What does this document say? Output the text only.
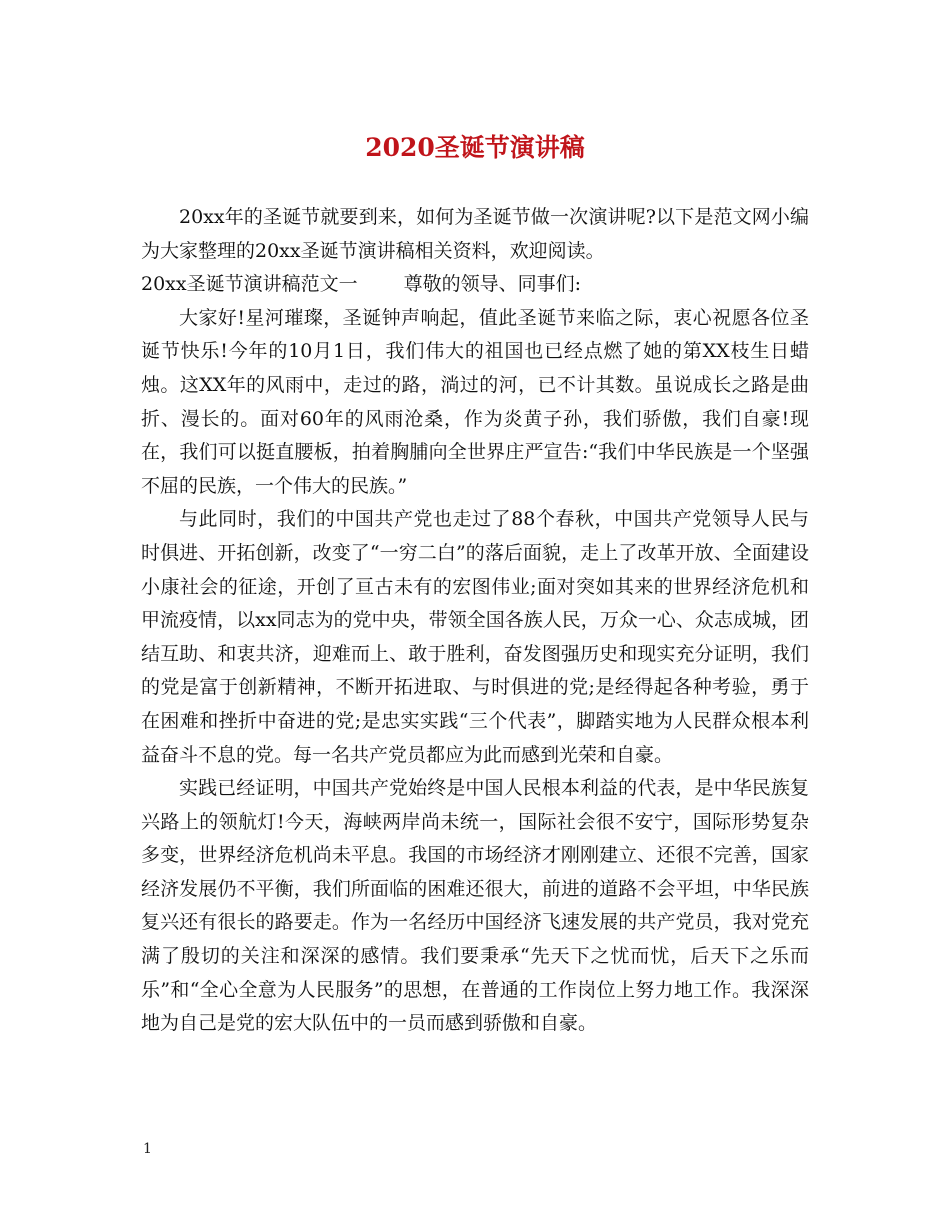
2020圣诞节演讲稿

20xx年的圣诞节就要到来，如何为圣诞节做一次演讲呢?以下是范文网小编为大家整理的20xx圣诞节演讲稿相关资料，欢迎阅读。

20xx圣诞节演讲稿范文一 尊敬的领导、同事们:

大家好!星河璀璨，圣诞钟声响起，值此圣诞节来临之际，衷心祝愿各位圣诞节快乐!今年的10月1日，我们伟大的祖国也已经点燃了她的第XX枝生日蜡烛。这XX年的风雨中，走过的路，淌过的河，已不计其数。虽说成长之路是曲折、漫长的。面对60年的风雨沧桑，作为炎黄子孙，我们骄傲，我们自豪!现在，我们可以挺直腰板，拍着胸脯向全世界庄严宣告:“我们中华民族是一个坚强不屈的民族，一个伟大的民族。”

与此同时，我们的中国共产党也走过了88个春秋，中国共产党领导人民与时俱进、开拓创新，改变了“一穷二白”的落后面貌，走上了改革开放、全面建设小康社会的征途，开创了亘古未有的宏图伟业;面对突如其来的世界经济危机和甲流疫情，以xx同志为的党中央，带领全国各族人民，万众一心、众志成城，团结互助、和衷共济，迎难而上、敢于胜利，奋发图强历史和现实充分证明，我们的党是富于创新精神，不断开拓进取、与时俱进的党;是经得起各种考验，勇于在困难和挫折中奋进的党;是忠实实践“三个代表”，脚踏实地为人民群众根本利益奋斗不息的党。每一名共产党员都应为此而感到光荣和自豪。

实践已经证明，中国共产党始终是中国人民根本利益的代表，是中华民族复兴路上的领航灯!今天，海峡两岸尚未统一，国际社会很不安宁，国际形势复杂多变，世界经济危机尚未平息。我国的市场经济才刚刚建立、还很不完善，国家经济发展仍不平衡，我们所面临的困难还很大，前进的道路不会平坦，中华民族复兴还有很长的路要走。作为一名经历中国经济飞速发展的共产党员，我对党充满了殷切的关注和深深的感情。我们要秉承“先天下之忧而忧，后天下之乐而乐”和“全心全意为人民服务”的思想，在普通的工作岗位上努力地工作。我深深地为自己是党的宏大队伍中的一员而感到骄傲和自豪。

1
